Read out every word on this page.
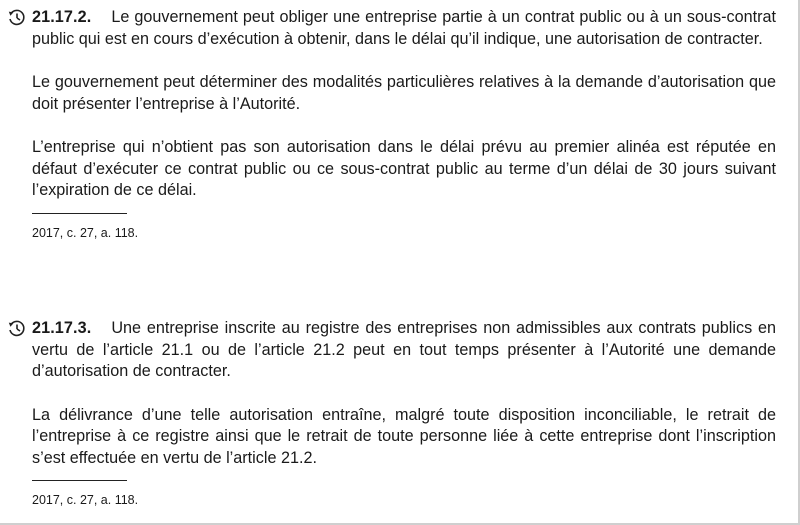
21.17.2. Le gouvernement peut obliger une entreprise partie à un contrat public ou à un sous-contrat public qui est en cours d’exécution à obtenir, dans le délai qu’il indique, une autorisation de contracter.

Le gouvernement peut déterminer des modalités particulières relatives à la demande d’autorisation que doit présenter l’entreprise à l’Autorité.

L’entreprise qui n’obtient pas son autorisation dans le délai prévu au premier alinéa est réputée en défaut d’exécuter ce contrat public ou ce sous-contrat public au terme d’un délai de 30 jours suivant l’expiration de ce délai.

2017, c. 27, a. 118.

21.17.3. Une entreprise inscrite au registre des entreprises non admissibles aux contrats publics en vertu de l’article 21.1 ou de l’article 21.2 peut en tout temps présenter à l’Autorité une demande d’autorisation de contracter.

La délivrance d’une telle autorisation entraîne, malgré toute disposition inconciliable, le retrait de l’entreprise à ce registre ainsi que le retrait de toute personne liée à cette entreprise dont l’inscription s’est effectuée en vertu de l’article 21.2.

2017, c. 27, a. 118.
